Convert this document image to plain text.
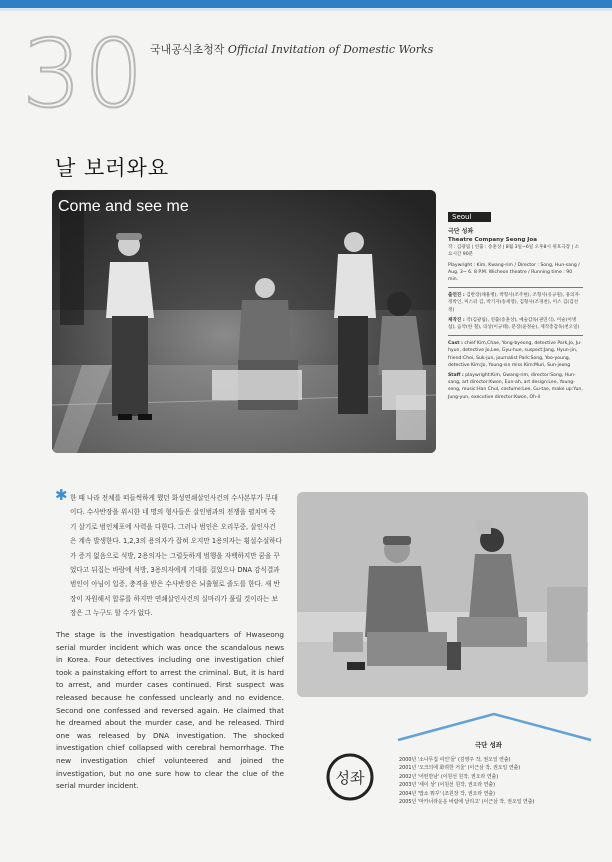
30 국내공식초청작 Official Invitation of Domestic Works
날 보러와요
Come and see me
Seoul
극단 성좌
Theatre Company Seong Joa

작 : 김광림 | 연출 : 송훈상 | 8월 3일~6일 오후8시 위호극장 | 소요시간 90분

Playwright : Kim, Kwang-rim / Director : Song, Hun-sang / Aug. 3~ 6. 8 P.M. Wicheon theatre / Running time : 90 min.

출연진 : 김반장(채용병), 박형사(조주현), 조형사(유규원), 용의자·정박인, 미스터 김, 박기자(송세영), 김형사(조경찬), 미스 김(김선정)

제작진 : 작(김광림), 연출(송훈상), 예술감독(권연식), 미술(이병섭), 음악(한 철), 의상(이규태), 분장(윤정순), 제작총감독(천오일)

Cast : chief Kim,Chae, Yong-byeong, detective Park,Jo, Ju-hyun, detective Jo,Lee, Gyu-hue, suspect:Jang, Hyun-jin, friend:Choi, Suk-jun, journalist Park:Song, Yoo-young, detective Kim:Jo, Young-sin miss Kim:Muri, Sun-jeong

Staff : playwright:Kim, Gwang-rim, director:Song, Hun-sang, art director:Kwon, Eun-ah, art design:Lee, Young-seng, music:Han Chul, costume:Lee, Gu-tae, make up:Yun, Jung-yun, executive director:Kwon, Oh-il

✱ 한 때 나라 전체를 떠들썩하게 했던 화성연쇄살인사건의 수사본부가 무대이다. 수사반장을 위시한 네 명의 형사들은 살인범과의 전쟁을 펼치며 죽기 살기로 범인체포에 사력을 다한다. 그러나 범인은 오리무중, 살인사건은 계속 발생한다. 1,2,3의 용의자가 잡혀 오지만 1용의자는 횡설수설하다가 증거 없음으로 석방, 2용의자는 그럴듯하게 범행을 자백하지만 꿈을 꾸었다고 뒤집는 바람에 석방, 3용의자에게 기대를 걸었으나 DNA 감식결과 범인이 아님이 입증, 충격을 받은 수사반장은 뇌출혈로 졸도를 한다. 새 반장이 자원해서 합류를 하지만 연쇄살인사건의 실마리가 풀릴 것이라는 보장은 그 누구도 할 수가 없다.
The stage is the investigation headquarters of Hwaseong serial murder incident which was once the scandalous news in Korea. Four detectives including one investigation chief took a painstaking effort to arrest the criminal. But, it is hard to arrest, and murder cases continued. First suspect was released because he confessed unclearly and no evidence. Second one confessed and reversed again. He claimed that he dreamed about the murder case, and he released. Third one was released by DNA investigation. The shocked investigation chief collapsed with cerebral hemorrhage. The new investigation chief volunteered and joined the investigation, but no one sure how to clear the clue of the serial murder incident.
극단 성좌
2000년 '소나무집 여인'들' (김영주 작, 권오일 연출)
2001년 '오크의에 화려한 거울' (이근삼 작, 권오일 연출)
2002년 '어떤만남' (이원선 원작, 권오라 연출)
2003년 '세이 상' (이원선 원작, 권오라 연출)
2004년 '맙소 뭐꾸' (조원장 작, 권오라 연출)
2005년 '마카너라운운 바람에 날리고' (이근삼 작, 권오일 연출)
성좌
